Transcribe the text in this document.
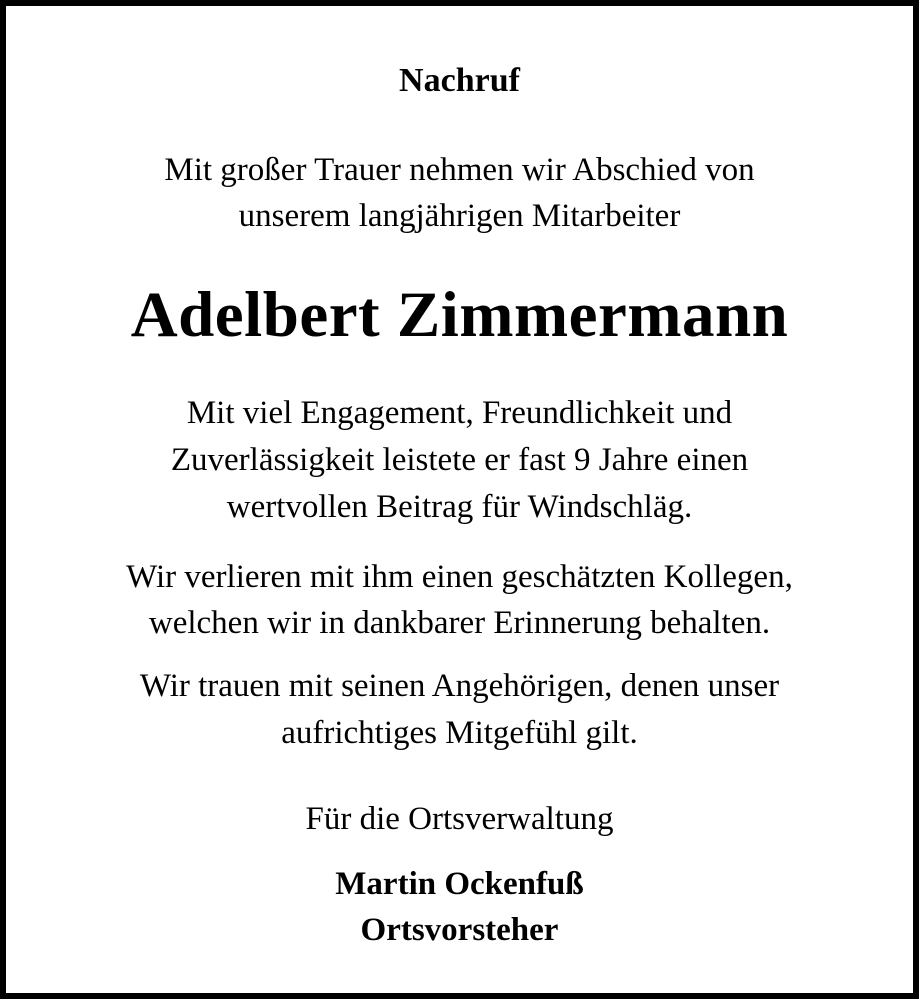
Nachruf
Mit großer Trauer nehmen wir Abschied von
unserem langjährigen Mitarbeiter
Adelbert Zimmermann
Mit viel Engagement, Freundlichkeit und
Zuverlässigkeit leistete er fast 9 Jahre einen
wertvollen Beitrag für Windschläg.
Wir verlieren mit ihm einen geschätzten Kollegen,
welchen wir in dankbarer Erinnerung behalten.
Wir trauen mit seinen Angehörigen, denen unser
aufrichtiges Mitgefühl gilt.
Für die Ortsverwaltung
Martin Ockenfuß
Ortsvorsteher
